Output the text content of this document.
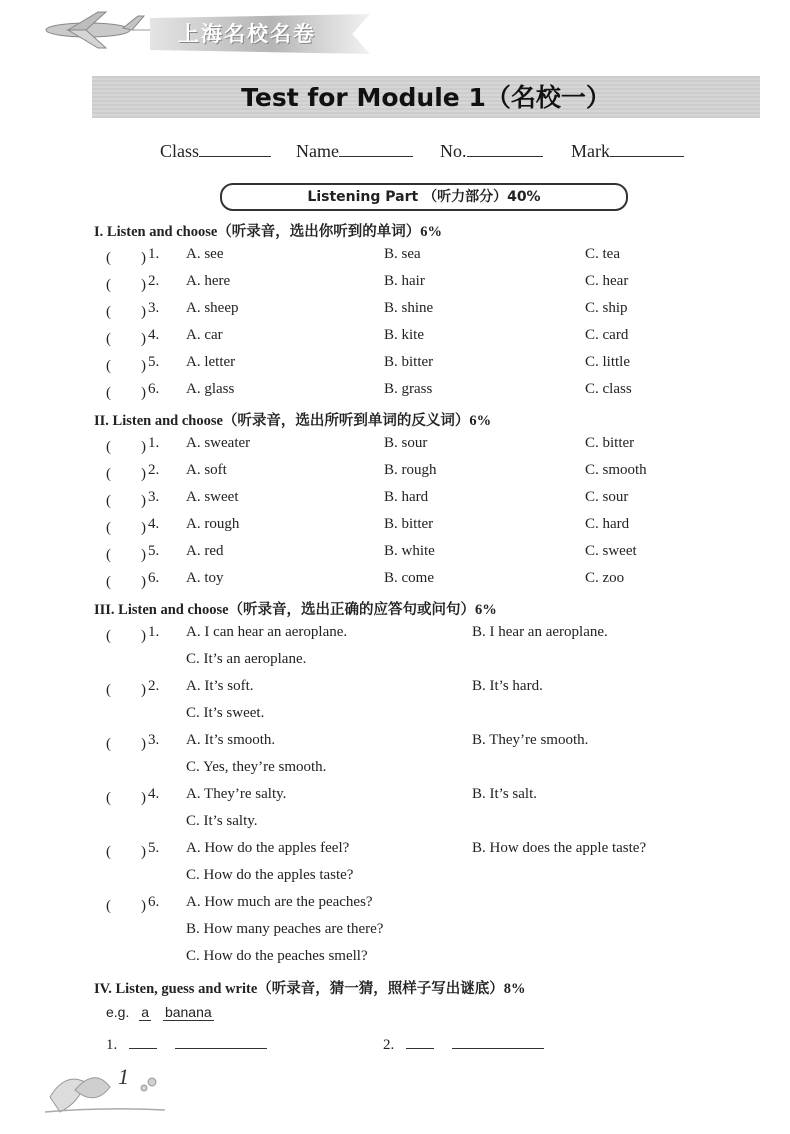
上海名校名卷
Test for Module 1（名校一）
Class	Name	No.	Mark
Listening Part （听力部分）40%
I. Listen and choose（听录音，选出你听到的单词）6%
II. Listen and choose（听录音，选出所听到单词的反义词）6%
III. Listen and choose（听录音，选出正确的应答句或问句）6%
IV. Listen, guess and write（听录音，猜一猜，照样子写出谜底）8%
e.g. a banana
1.	2.
1
(　　) 1. A. see	B. sea	C. tea
(　　) 2. A. here	B. hair	C. hear
(　　) 3. A. sheep	B. shine	C. ship
(　　) 4. A. car	B. kite	C. card
(　　) 5. A. letter	B. bitter	C. little
(　　) 6. A. glass	B. grass	C. class
(　　) 1. A. sweater	B. sour	C. bitter
(　　) 2. A. soft	B. rough	C. smooth
(　　) 3. A. sweet	B. hard	C. sour
(　　) 4. A. rough	B. bitter	C. hard
(　　) 5. A. red	B. white	C. sweet
(　　) 6. A. toy	B. come	C. zoo
(　　) 1. A. I can hear an aeroplane.	B. I hear an aeroplane.
C. It’s an aeroplane.
(　　) 2. A. It’s soft.	B. It’s hard.
C. It’s sweet.
(　　) 3. A. It’s smooth.	B. They’re smooth.
C. Yes, they’re smooth.
(　　) 4. A. They’re salty.	B. It’s salt.
C. It’s salty.
(　　) 5. A. How do the apples feel?	B. How does the apple taste?
C. How do the apples taste?
(　　) 6. A. How much are the peaches?
B. How many peaches are there?
C. How do the peaches smell?
